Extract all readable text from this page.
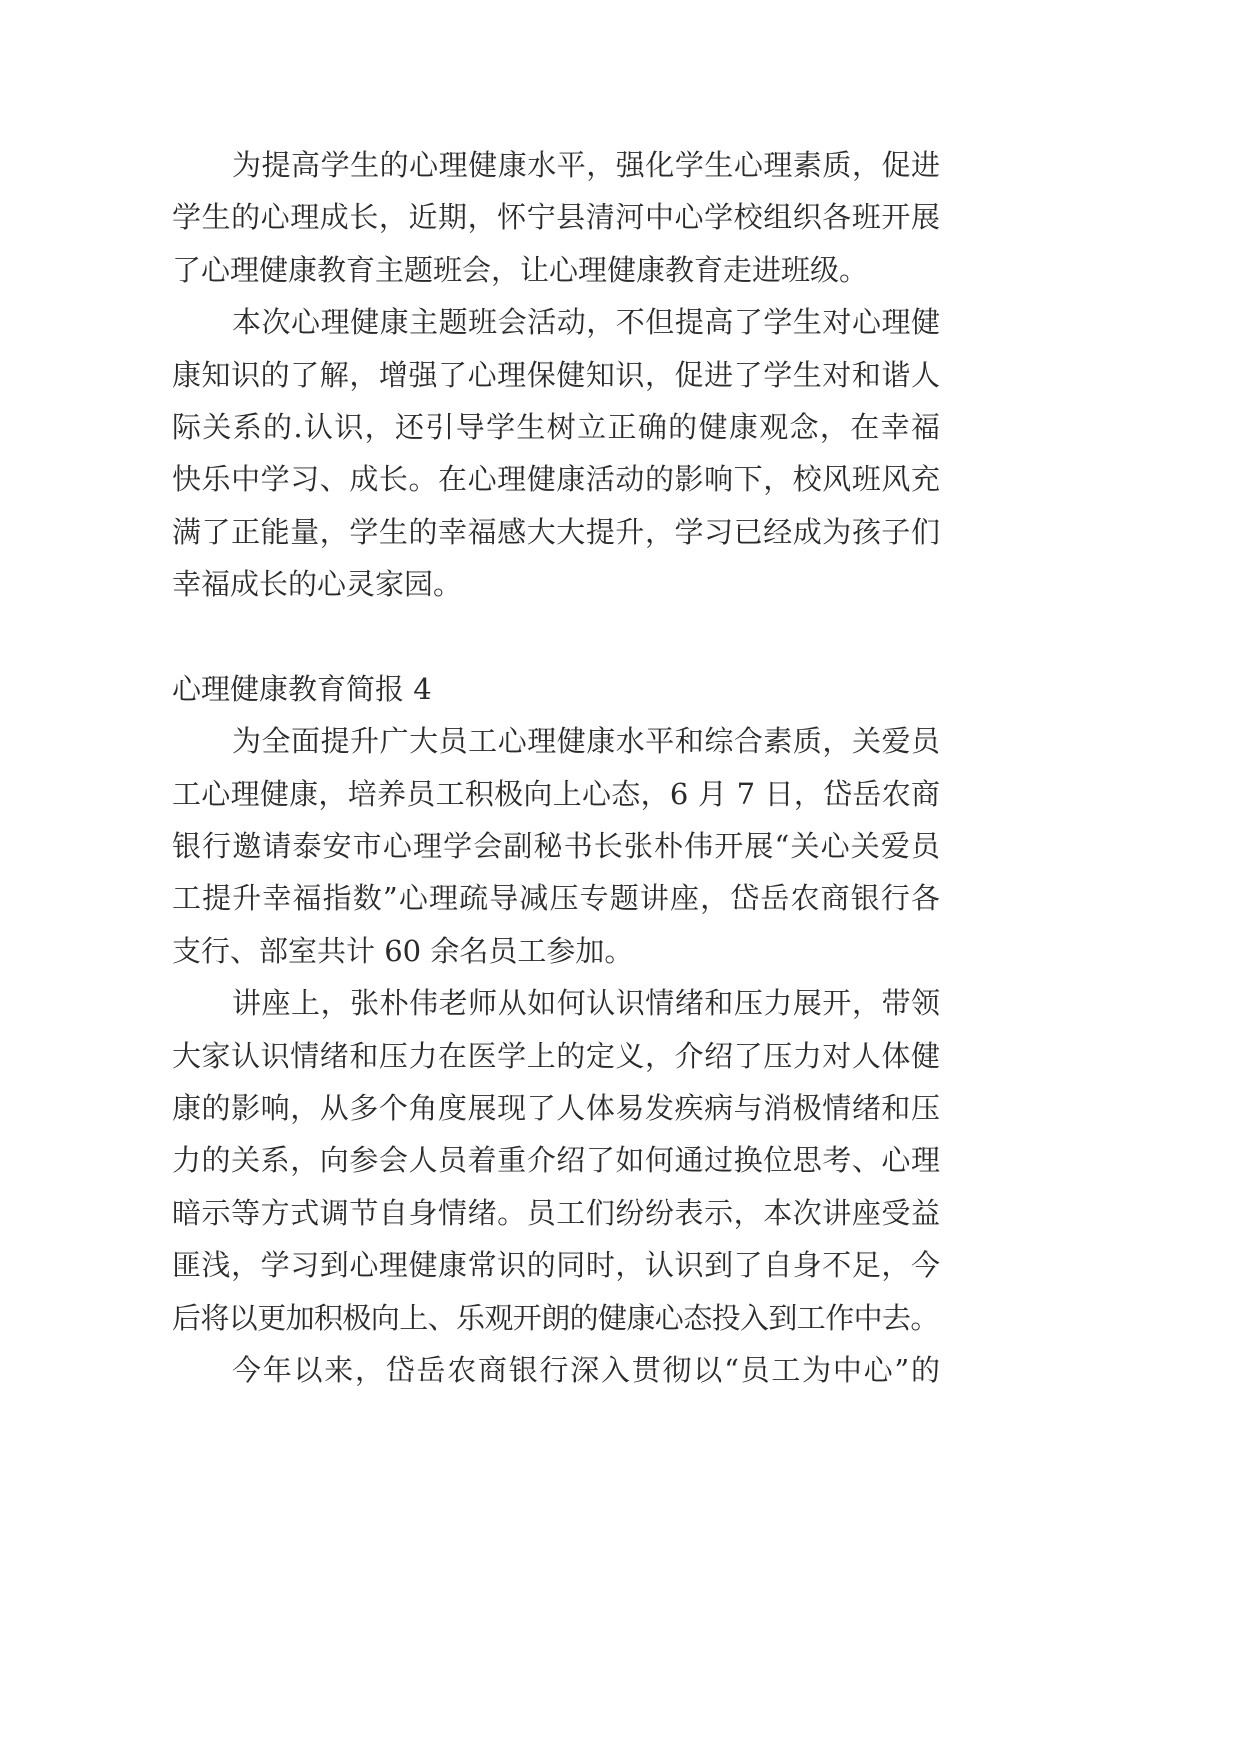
为提高学生的心理健康水平，强化学生心理素质，促进
学生的心理成长，近期，怀宁县清河中心学校组织各班开展
了心理健康教育主题班会，让心理健康教育走进班级。
本次心理健康主题班会活动，不但提高了学生对心理健
康知识的了解，增强了心理保健知识，促进了学生对和谐人
际关系的.认识，还引导学生树立正确的健康观念，在幸福
快乐中学习、成长。在心理健康活动的影响下，校风班风充
满了正能量，学生的幸福感大大提升，学习已经成为孩子们
幸福成长的心灵家园。
心理健康教育简报 4
为全面提升广大员工心理健康水平和综合素质，关爱员
工心理健康，培养员工积极向上心态，6 月 7 日，岱岳农商
银行邀请泰安市心理学会副秘书长张朴伟开展“关心关爱员
工提升幸福指数”心理疏导减压专题讲座，岱岳农商银行各
支行、部室共计 60 余名员工参加。
讲座上，张朴伟老师从如何认识情绪和压力展开，带领
大家认识情绪和压力在医学上的定义，介绍了压力对人体健
康的影响，从多个角度展现了人体易发疾病与消极情绪和压
力的关系，向参会人员着重介绍了如何通过换位思考、心理
暗示等方式调节自身情绪。员工们纷纷表示，本次讲座受益
匪浅，学习到心理健康常识的同时，认识到了自身不足，今
后将以更加积极向上、乐观开朗的健康心态投入到工作中去。
今年以来，岱岳农商银行深入贯彻以“员工为中心”的
